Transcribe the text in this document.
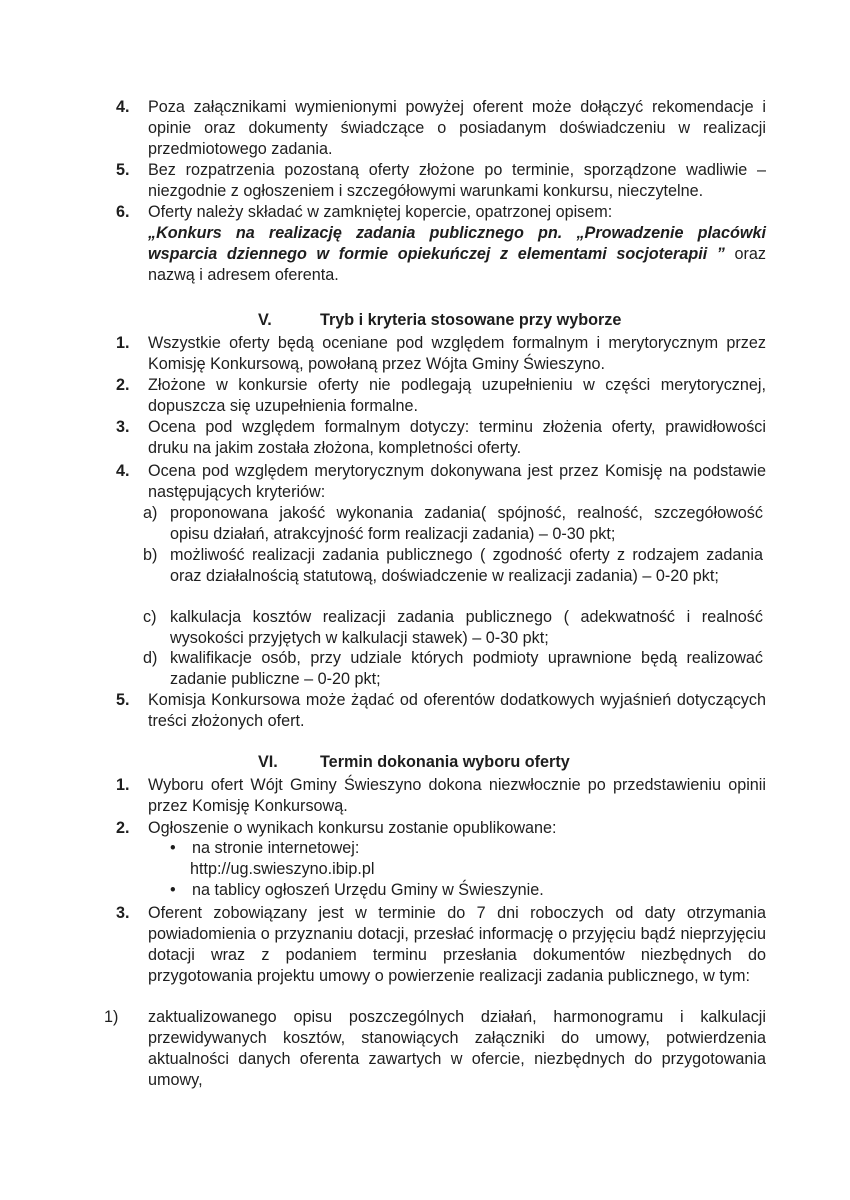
4. Poza załącznikami wymienionymi powyżej oferent może dołączyć rekomendacje i opinie oraz dokumenty świadczące o posiadanym doświadczeniu w realizacji przedmiotowego zadania.
5. Bez rozpatrzenia pozostaną oferty złożone po terminie, sporządzone wadliwie – niezgodnie z ogłoszeniem i szczegółowymi warunkami konkursu, nieczytelne.
6. Oferty należy składać w zamkniętej kopercie, opatrzonej opisem:
„Konkurs na realizację zadania publicznego pn. „Prowadzenie placówki wsparcia dziennego w formie opiekuńczej z elementami socjoterapii ” oraz nazwą i adresem oferenta.
V.	Tryb i kryteria stosowane przy wyborze
1. Wszystkie oferty będą oceniane pod względem formalnym i merytorycznym przez Komisję Konkursową, powołaną przez Wójta Gminy Świeszyno.
2. Złożone w konkursie oferty nie podlegają uzupełnieniu w części merytorycznej, dopuszcza się uzupełnienia formalne.
3. Ocena pod względem formalnym dotyczy: terminu złożenia oferty, prawidłowości druku na jakim została złożona, kompletności oferty.
4. Ocena pod względem merytorycznym dokonywana jest przez Komisję na podstawie następujących kryteriów:
a) proponowana jakość wykonania zadania( spójność, realność, szczegółowość opisu działań, atrakcyjność form realizacji zadania) – 0-30 pkt;
b) możliwość realizacji zadania publicznego ( zgodność oferty z rodzajem zadania oraz działalnością statutową, doświadczenie w realizacji zadania) – 0-20 pkt;
c) kalkulacja kosztów realizacji zadania publicznego ( adekwatność i realność wysokości przyjętych w kalkulacji stawek) – 0-30 pkt;
d) kwalifikacje osób, przy udziale których podmioty uprawnione będą realizować zadanie publiczne – 0-20 pkt;
5. Komisja Konkursowa może żądać od oferentów dodatkowych wyjaśnień dotyczących treści złożonych ofert.
VI.	Termin dokonania wyboru oferty
1. Wyboru ofert Wójt Gminy Świeszyno dokona niezwłocznie po przedstawieniu opinii przez Komisję Konkursową.
2. Ogłoszenie o wynikach konkursu zostanie opublikowane:
• na stronie internetowej:
http://ug.swieszyno.ibip.pl
• na tablicy ogłoszeń Urzędu Gminy w Świeszynie.
3. Oferent zobowiązany jest w terminie do 7 dni roboczych od daty otrzymania powiadomienia o przyznaniu dotacji, przesłać informację o przyjęciu bądź nieprzyjęciu dotacji wraz z podaniem terminu przesłania dokumentów niezbędnych do przygotowania projektu umowy o powierzenie realizacji zadania publicznego, w tym:
1) zaktualizowanego opisu poszczególnych działań, harmonogramu i kalkulacji przewidywanych kosztów, stanowiących załączniki do umowy, potwierdzenia aktualności danych oferenta zawartych w ofercie, niezbędnych do przygotowania umowy,
